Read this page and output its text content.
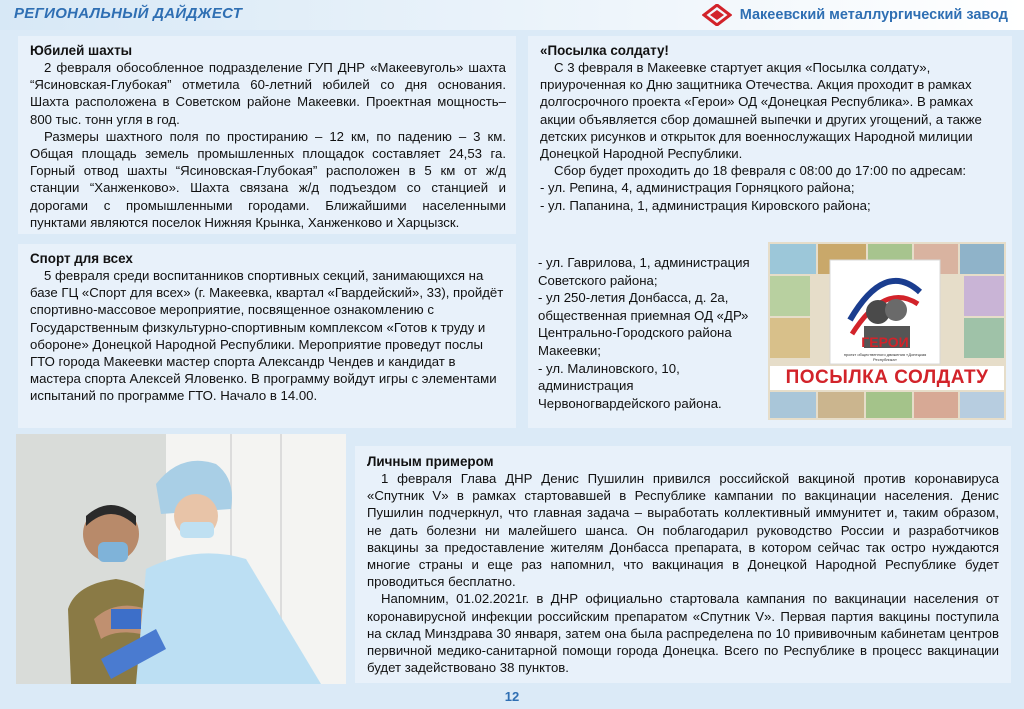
РЕГИОНАЛЬНЫЙ ДАЙДЖЕСТ	Макеевский металлургический завод
Юбилей шахты

2 февраля обособленное подразделение ГУП ДНР «Макеевуголь» шахта “Ясиновская-Глубокая” отметила 60-летний юбилей со дня основания. Шахта расположена в Советском районе Макеевки. Проектная мощность– 800 тыс. тонн угля в год.

Размеры шахтного поля по простиранию – 12 км, по падению – 3 км. Общая площадь земель промышленных площадок составляет 24,53 га. Горный отвод шахты “Ясиновская-Глубокая” расположен в 5 км от ж/д станции “Ханженково». Шахта связана ж/д подъездом со станцией и дорогами с промышленными городами. Ближайшими населенными пунктами являются поселок Нижняя Крынка, Ханженково и Харцызск.

Спорт для всех

5 февраля среди воспитанников спортивных секций, занимающихся на базе ГЦ «Спорт для всех» (г. Макеевка, квартал «Гвардейский», 33), пройдёт спортивно-массовое мероприятие, посвященное ознакомлению с Государственным физкультурно-спортивным комплексом «Готов к труду и обороне» Донецкой Народной Республики. Мероприятие проведут послы ГТО города Макеевки мастер спорта Александр Чендев и кандидат в мастера спорта Алексей Яловенко. В программу войдут игры с элементами испытаний по программе ГТО. Начало в 14.00.

«Посылка солдату!

С 3 февраля в Макеевке стартует акция «Посылка солдату», приуроченная ко Дню защитника Отечества. Акция проходит в рамках долгосрочного проекта «Герои» ОД «Донецкая Республика». В рамках акции объявляется сбор домашней выпечки и других угощений, а также детских рисунков и открыток для военнослужащих Народной милиции Донецкой Народной Республики.

Сбор будет проходить до 18 февраля с 08:00 до 17:00 по адресам:

- ул. Репина, 4, администрация Горняцкого района;

- ул. Папанина, 1, администрация Кировского района;

- ул. Гаврилова, 1, администрация Советского района;

- ул 250-летия Донбасса, д. 2а, общественная приемная ОД «ДР» Центрально-Городского района Макеевки;

- ул. Малиновского, 10, администрация Червоногвардейского района.

ГЕРОИ
проект общественного движения «Донецкая Республика»
ПОСЫЛКА СОЛДАТУ
Личным примером

1 февраля Глава ДНР Денис Пушилин привился российской вакциной против коронавируса «Спутник V» в рамках стартовавшей в Республике кампании по вакцинации населения. Денис Пушилин подчеркнул, что главная задача – выработать коллективный иммунитет и, таким образом, не дать болезни ни малейшего шанса. Он поблагодарил руководство России и разработчиков вакцины за предоставление жителям Донбасса препарата, в котором сейчас так остро нуждаются многие страны и еще раз напомнил, что вакцинация в Донецкой Народной Республике будет проводиться бесплатно.

Напомним, 01.02.2021г. в ДНР официально стартовала кампания по вакцинации населения от коронавирусной инфекции российским препаратом «Спутник V». Первая партия вакцины поступила на склад Минздрава 30 января, затем она была распределена по 10 прививочным кабинетам центров первичной медико-санитарной помощи города Донецка. Всего по Республике в процесс вакцинации будет задействовано 38 пунктов.

12
